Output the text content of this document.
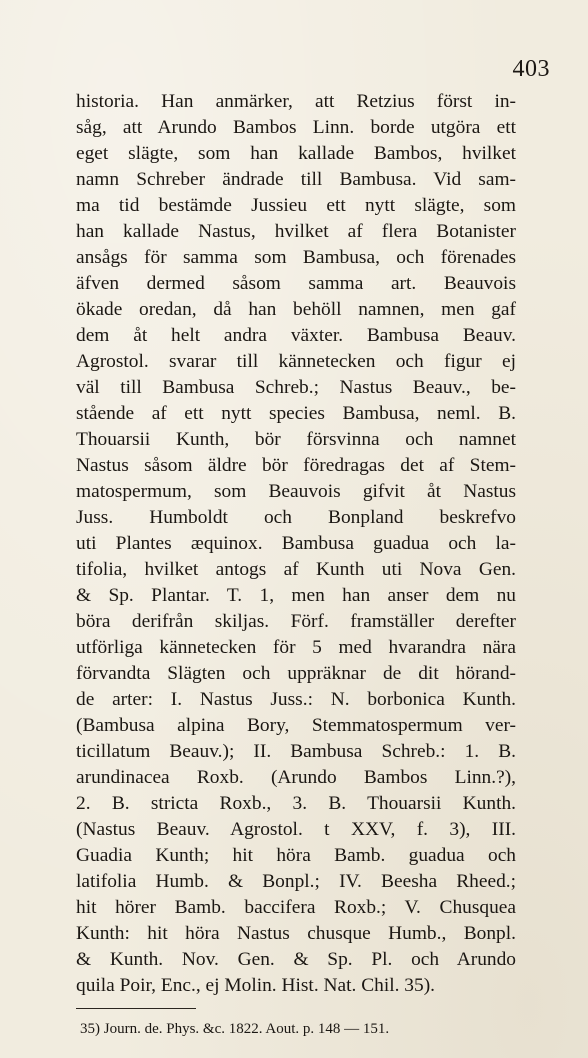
403
historia. Han anmärker, att Retzius först in-
såg, att Arundo Bambos Linn. borde utgöra ett
eget slägte, som han kallade Bambos, hvilket
namn Schreber ändrade till Bambusa. Vid sam-
ma tid bestämde Jussieu ett nytt slägte, som
han kallade Nastus, hvilket af flera Botanister
ansågs för samma som Bambusa, och förenades
äfven dermed såsom samma art. Beauvois
ökade oredan, då han behöll namnen, men gaf
dem åt helt andra växter. Bambusa Beauv.
Agrostol. svarar till kännetecken och figur ej
väl till Bambusa Schreb.; Nastus Beauv., be-
stående af ett nytt species Bambusa, neml. B.
Thouarsii Kunth, bör försvinna och namnet
Nastus såsom äldre bör föredragas det af Stem-
matospermum, som Beauvois gifvit åt Nastus
Juss. Humboldt och Bonpland beskrefvo
uti Plantes æquinox. Bambusa guadua och la-
tifolia, hvilket antogs af Kunth uti Nova Gen.
& Sp. Plantar. T. 1, men han anser dem nu
böra derifrån skiljas. Förf. framställer derefter
utförliga kännetecken för 5 med hvarandra nära
förvandta Slägten och uppräknar de dit hörand-
de arter: I. Nastus Juss.: N. borbonica Kunth.
(Bambusa alpina Bory, Stemmatospermum ver-
ticillatum Beauv.); II. Bambusa Schreb.: 1. B.
arundinacea Roxb. (Arundo Bambos Linn.?),
2. B. stricta Roxb., 3. B. Thouarsii Kunth.
(Nastus Beauv. Agrostol. t XXV, f. 3), III.
Guadia Kunth; hit höra Bamb. guadua och
latifolia Humb. & Bonpl.; IV. Beesha Rheed.;
hit hörer Bamb. baccifera Roxb.; V. Chusquea
Kunth: hit höra Nastus chusque Humb., Bonpl.
& Kunth. Nov. Gen. & Sp. Pl. och Arundo
quila Poir, Enc., ej Molin. Hist. Nat. Chil. 35).
35) Journ. de. Phys. &c. 1822. Aout. p. 148 — 151.
